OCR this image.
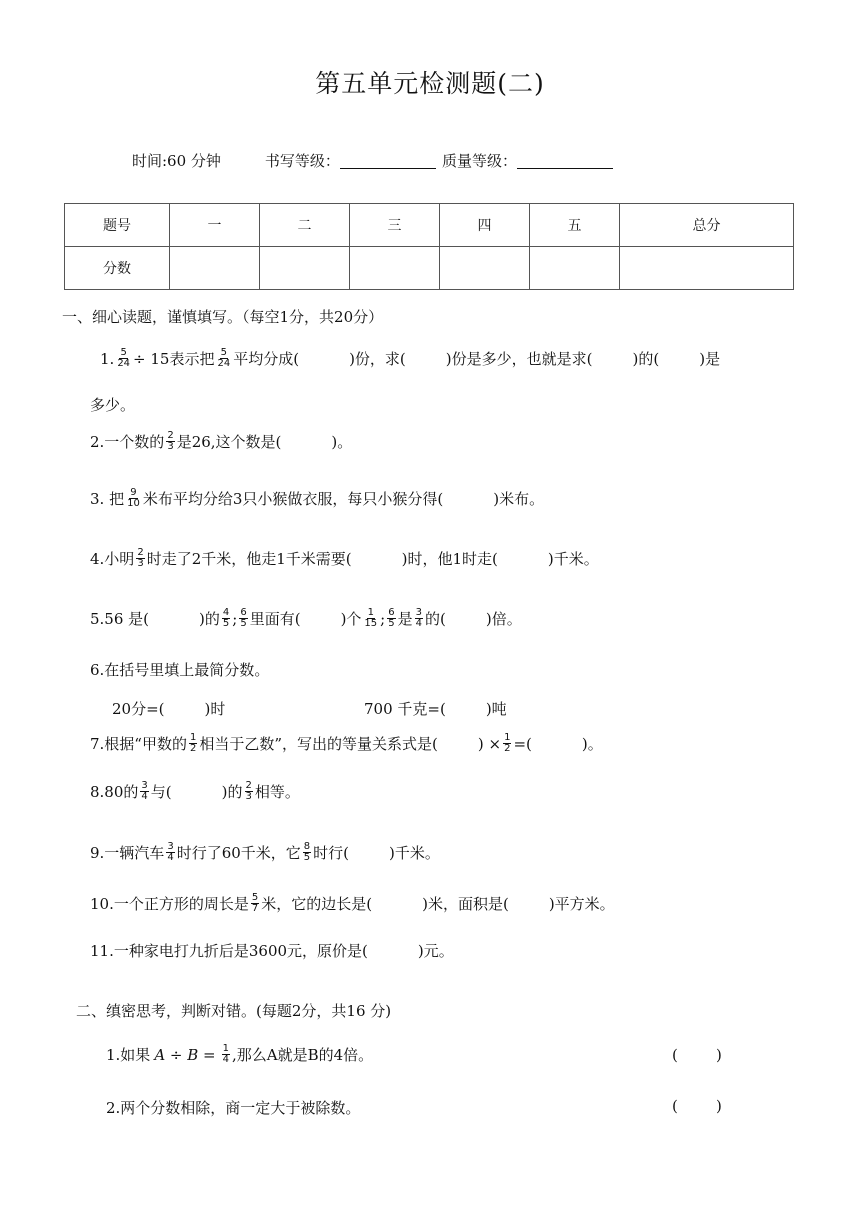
第五单元检测题(二)
时间:60 分钟	书写等级：	质量等级：
题号	一	二	三	四	五	总分
分数						
一、细心读题，谨慎填写。（每空1分，共20分）
1. $\frac{5}{24} \div 15$表示把 $\frac{5}{24}$ 平均分成(	)份，求(	)份是多少，也就是求(	)的(	)是
多少。
2.一个数的 $\frac{2}{3}$ 是26,这个数是(	)。
3. 把 $\frac{9}{10}$ 米布平均分给3只小猴做衣服，每只小猴分得(	)米布。
4.小明 $\frac{2}{3}$ 时走了2千米，他走1千米需要(	)时，他1时走(	)千米。
5.56 是(	)的 $\frac{4}{5}$ ; $\frac{6}{5}$ 里面有(	)个 $\frac{1}{15}$ ; $\frac{6}{5}$ 是 $\frac{3}{4}$ 的(	)倍。
6.在括号里填上最简分数。
20分=(	)时	700 千克=(	)吨
7.根据“甲数的 $\frac{1}{2}$ 相当于乙数”，写出的等量关系式是(	) × $\frac{1}{2}$ =(	)。
8.80的 $\frac{3}{4}$ 与(	)的 $\frac{2}{3}$ 相等。
9.一辆汽车 $\frac{3}{4}$ 时行了60千米，它 $\frac{8}{5}$ 时行(	)千米。
10.一个正方形的周长是 $\frac{5}{7}$ 米，它的边长是(	)米，面积是(	)平方米。
11.一种家电打九折后是3600元，原价是(	)元。
二、缜密思考，判断对错。(每题2分，共16 分)
1.如果 $A \div B = \frac{1}{4}$ ,那么A就是B的4倍。	(        )
2.两个分数相除，商一定大于被除数。	(        )
